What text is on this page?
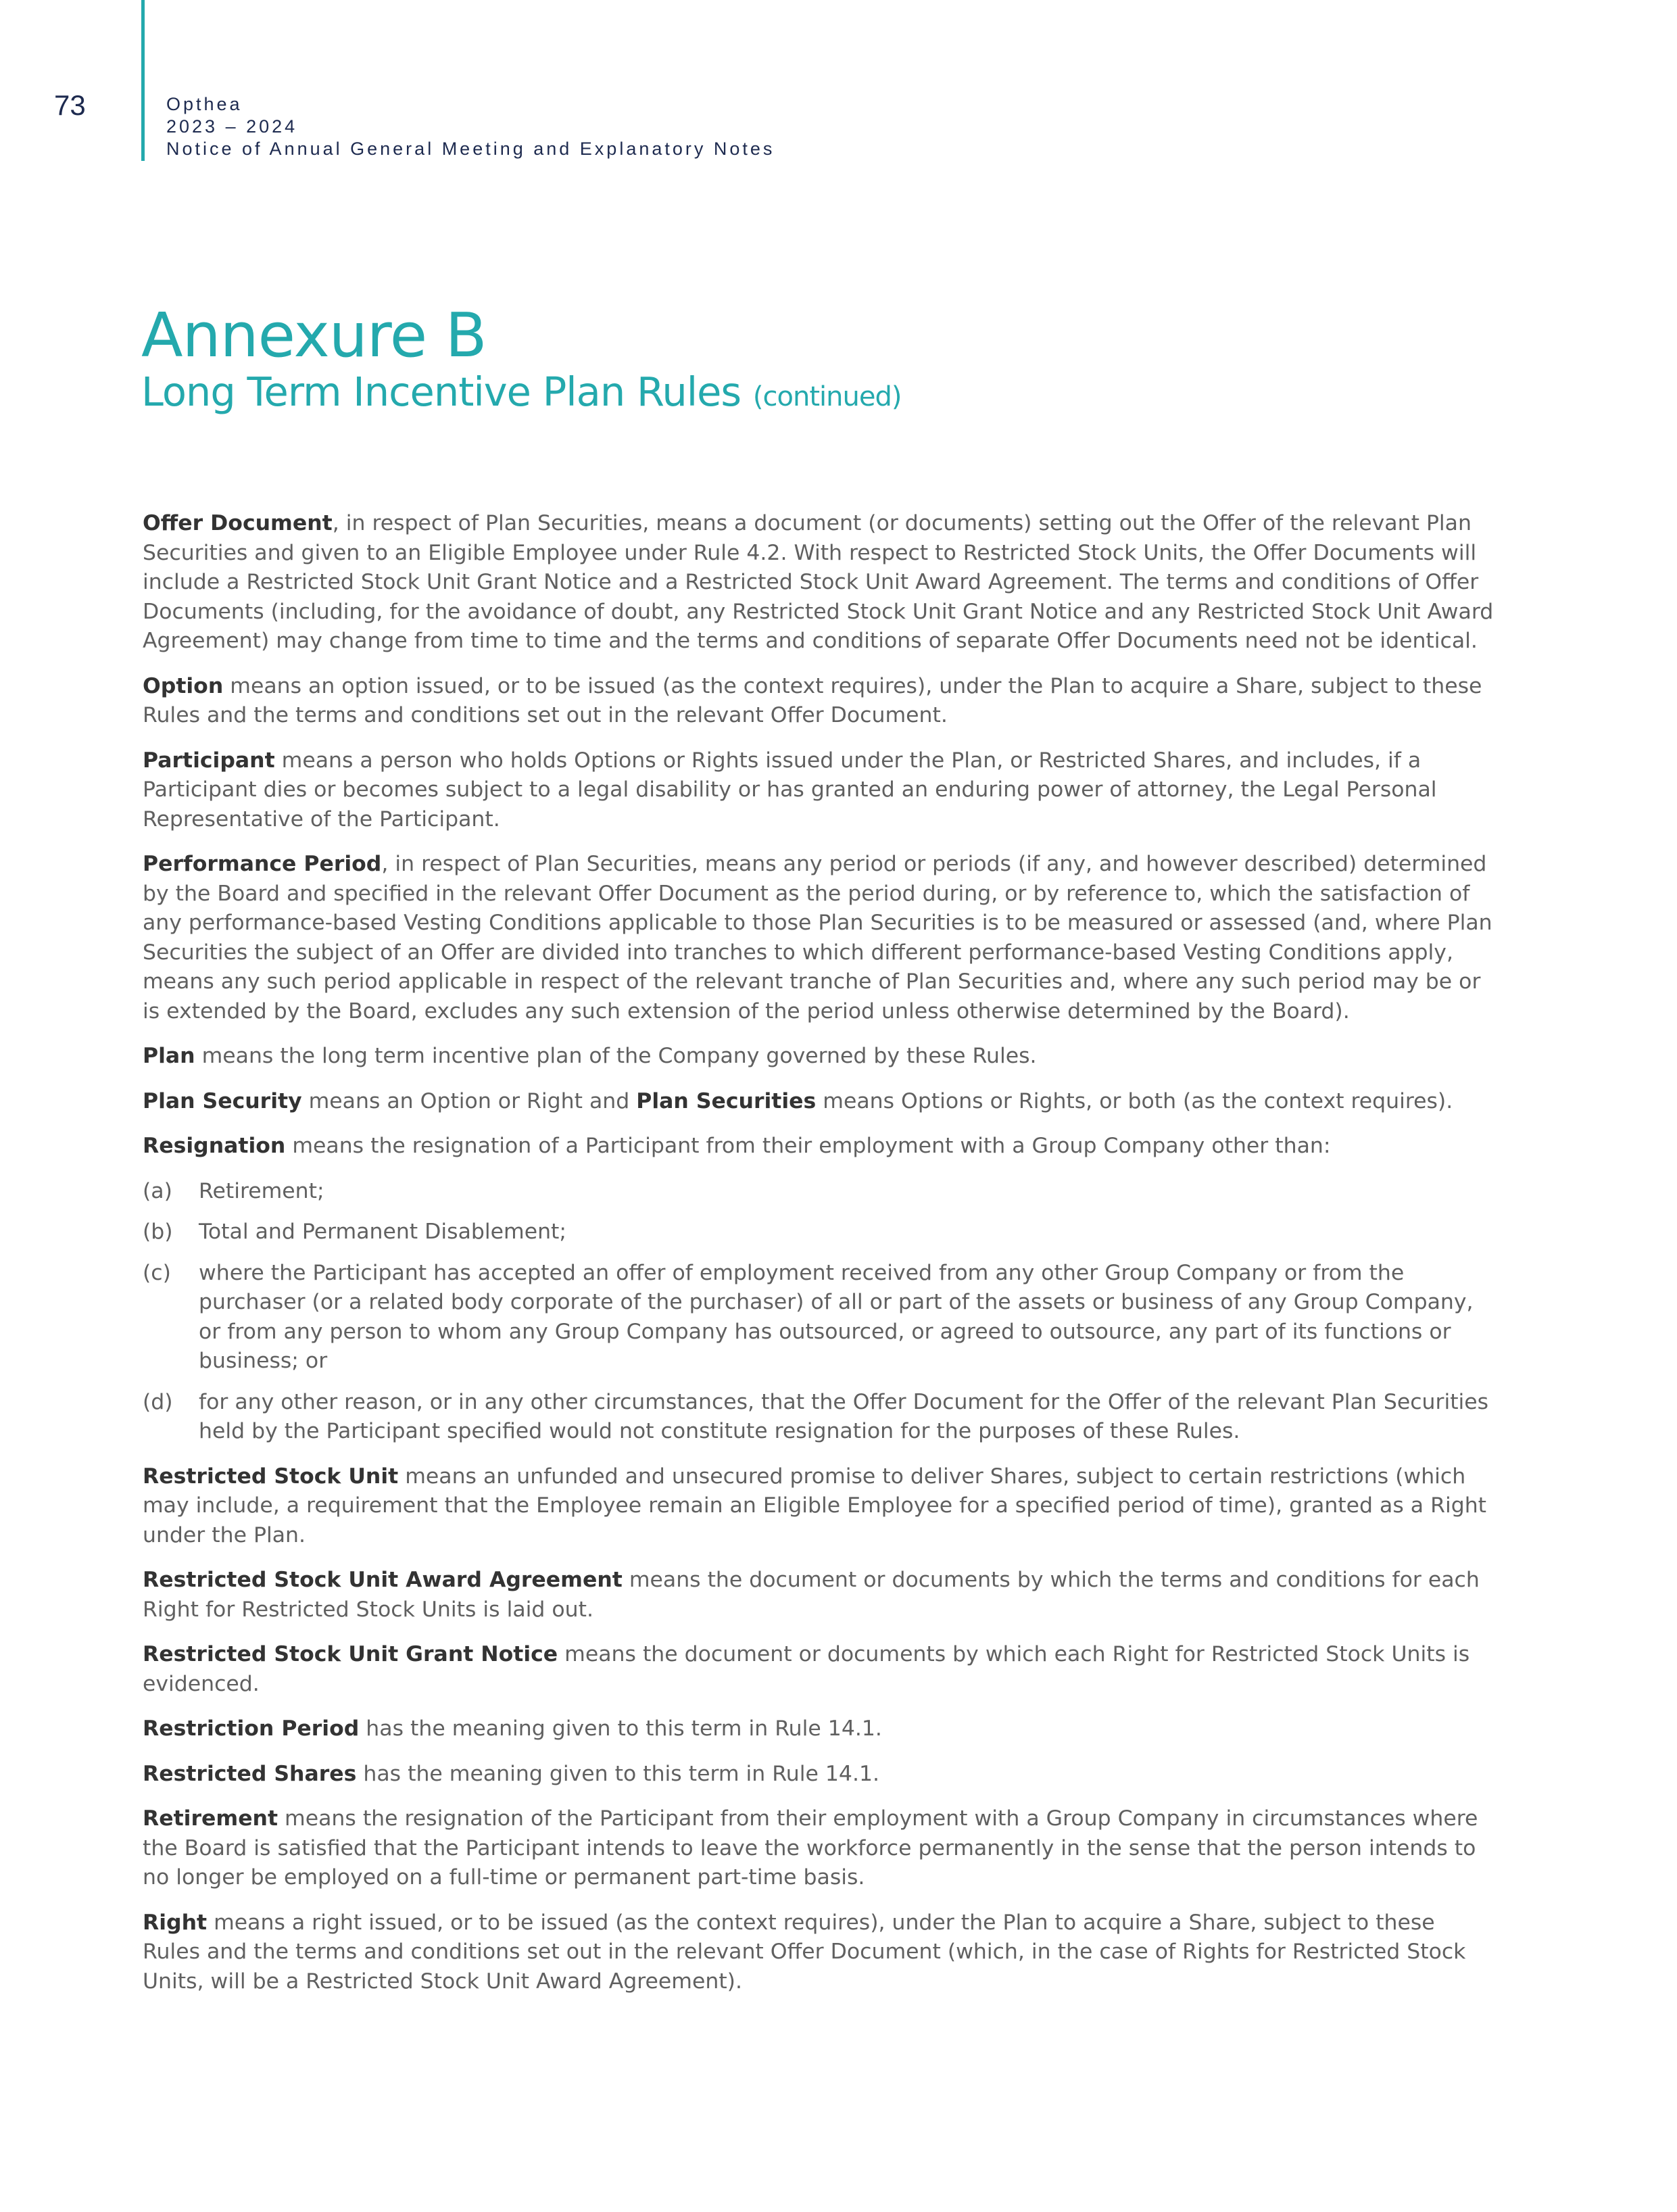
73	Opthea
2023 – 2024
Notice of Annual General Meeting and Explanatory Notes
Annexure B
Long Term Incentive Plan Rules (continued)

Offer Document, in respect of Plan Securities, means a document (or documents) setting out the Offer of the relevant Plan Securities and given to an Eligible Employee under Rule 4.2. With respect to Restricted Stock Units, the Offer Documents will include a Restricted Stock Unit Grant Notice and a Restricted Stock Unit Award Agreement. The terms and conditions of Offer Documents (including, for the avoidance of doubt, any Restricted Stock Unit Grant Notice and any Restricted Stock Unit Award Agreement) may change from time to time and the terms and conditions of separate Offer Documents need not be identical.

Option means an option issued, or to be issued (as the context requires), under the Plan to acquire a Share, subject to these Rules and the terms and conditions set out in the relevant Offer Document.

Participant means a person who holds Options or Rights issued under the Plan, or Restricted Shares, and includes, if a Participant dies or becomes subject to a legal disability or has granted an enduring power of attorney, the Legal Personal Representative of the Participant.

Performance Period, in respect of Plan Securities, means any period or periods (if any, and however described) determined by the Board and specified in the relevant Offer Document as the period during, or by reference to, which the satisfaction of any performance-based Vesting Conditions applicable to those Plan Securities is to be measured or assessed (and, where Plan Securities the subject of an Offer are divided into tranches to which different performance-based Vesting Conditions apply, means any such period applicable in respect of the relevant tranche of Plan Securities and, where any such period may be or is extended by the Board, excludes any such extension of the period unless otherwise determined by the Board).

Plan means the long term incentive plan of the Company governed by these Rules.

Plan Security means an Option or Right and Plan Securities means Options or Rights, or both (as the context requires).

Resignation means the resignation of a Participant from their employment with a Group Company other than:

(a)	Retirement;
(b)	Total and Permanent Disablement;
(c)	where the Participant has accepted an offer of employment received from any other Group Company or from the purchaser (or a related body corporate of the purchaser) of all or part of the assets or business of any Group Company, or from any person to whom any Group Company has outsourced, or agreed to outsource, any part of its functions or business; or
(d)	for any other reason, or in any other circumstances, that the Offer Document for the Offer of the relevant Plan Securities held by the Participant specified would not constitute resignation for the purposes of these Rules.

Restricted Stock Unit means an unfunded and unsecured promise to deliver Shares, subject to certain restrictions (which may include, a requirement that the Employee remain an Eligible Employee for a specified period of time), granted as a Right under the Plan.

Restricted Stock Unit Award Agreement means the document or documents by which the terms and conditions for each Right for Restricted Stock Units is laid out.

Restricted Stock Unit Grant Notice means the document or documents by which each Right for Restricted Stock Units is evidenced.

Restriction Period has the meaning given to this term in Rule 14.1.

Restricted Shares has the meaning given to this term in Rule 14.1.

Retirement means the resignation of the Participant from their employment with a Group Company in circumstances where the Board is satisfied that the Participant intends to leave the workforce permanently in the sense that the person intends to no longer be employed on a full-time or permanent part-time basis.

Right means a right issued, or to be issued (as the context requires), under the Plan to acquire a Share, subject to these Rules and the terms and conditions set out in the relevant Offer Document (which, in the case of Rights for Restricted Stock Units, will be a Restricted Stock Unit Award Agreement).
